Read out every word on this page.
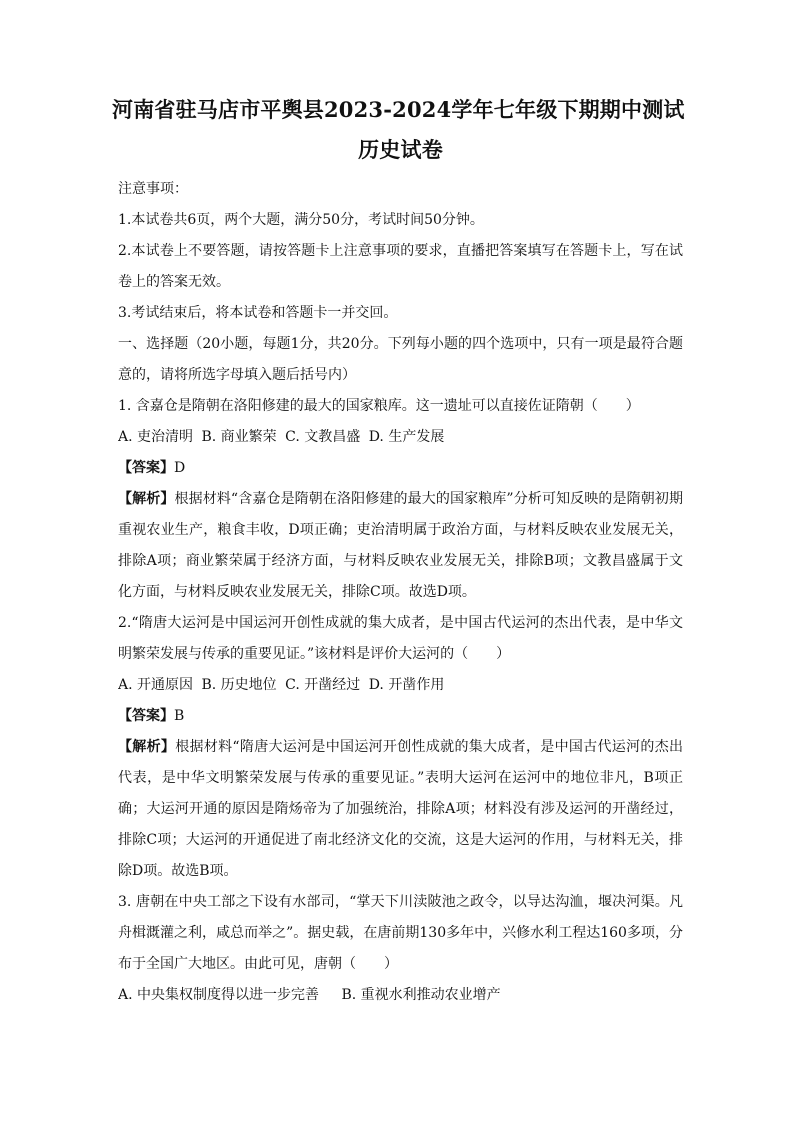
河南省驻马店市平舆县2023-2024学年七年级下期期中测试

历史试卷

注意事项：

1.本试卷共6页，两个大题，满分50分，考试时间50分钟。

2.本试卷上不要答题，请按答题卡上注意事项的要求，直播把答案填写在答题卡上，写在试卷上的答案无效。

3.考试结束后，将本试卷和答题卡一并交回。

一、选择题（20小题，每题1分，共20分。下列每小题的四个选项中，只有一项是最符合题意的，请将所选字母填入题后括号内）

1. 含嘉仓是隋朝在洛阳修建的最大的国家粮库。这一遗址可以直接佐证隋朝（　　）

A. 吏治清明 B. 商业繁荣 C. 文教昌盛 D. 生产发展

【答案】D

【解析】根据材料“含嘉仓是隋朝在洛阳修建的最大的国家粮库”分析可知反映的是隋朝初期重视农业生产，粮食丰收，D项正确；吏治清明属于政治方面，与材料反映农业发展无关，排除A项；商业繁荣属于经济方面，与材料反映农业发展无关，排除B项；文教昌盛属于文化方面，与材料反映农业发展无关，排除C项。故选D项。

2.“隋唐大运河是中国运河开创性成就的集大成者，是中国古代运河的杰出代表，是中华文明繁荣发展与传承的重要见证。”该材料是评价大运河的（　　）

A. 开通原因 B. 历史地位 C. 开凿经过 D. 开凿作用

【答案】B

【解析】根据材料“隋唐大运河是中国运河开创性成就的集大成者，是中国古代运河的杰出代表，是中华文明繁荣发展与传承的重要见证。”表明大运河在运河中的地位非凡，B项正确；大运河开通的原因是隋炀帝为了加强统治，排除A项；材料没有涉及运河的开凿经过，排除C项；大运河的开通促进了南北经济文化的交流，这是大运河的作用，与材料无关，排除D项。故选B项。

3. 唐朝在中央工部之下设有水部司，“掌天下川渎陂池之政令，以导达沟洫，堰决河渠。凡舟楫溉灌之利，咸总而举之”。据史载，在唐前期130多年中，兴修水利工程达160多项，分布于全国广大地区。由此可见，唐朝（　　）

A. 中央集权制度得以进一步完善 B. 重视水利推动农业增产
